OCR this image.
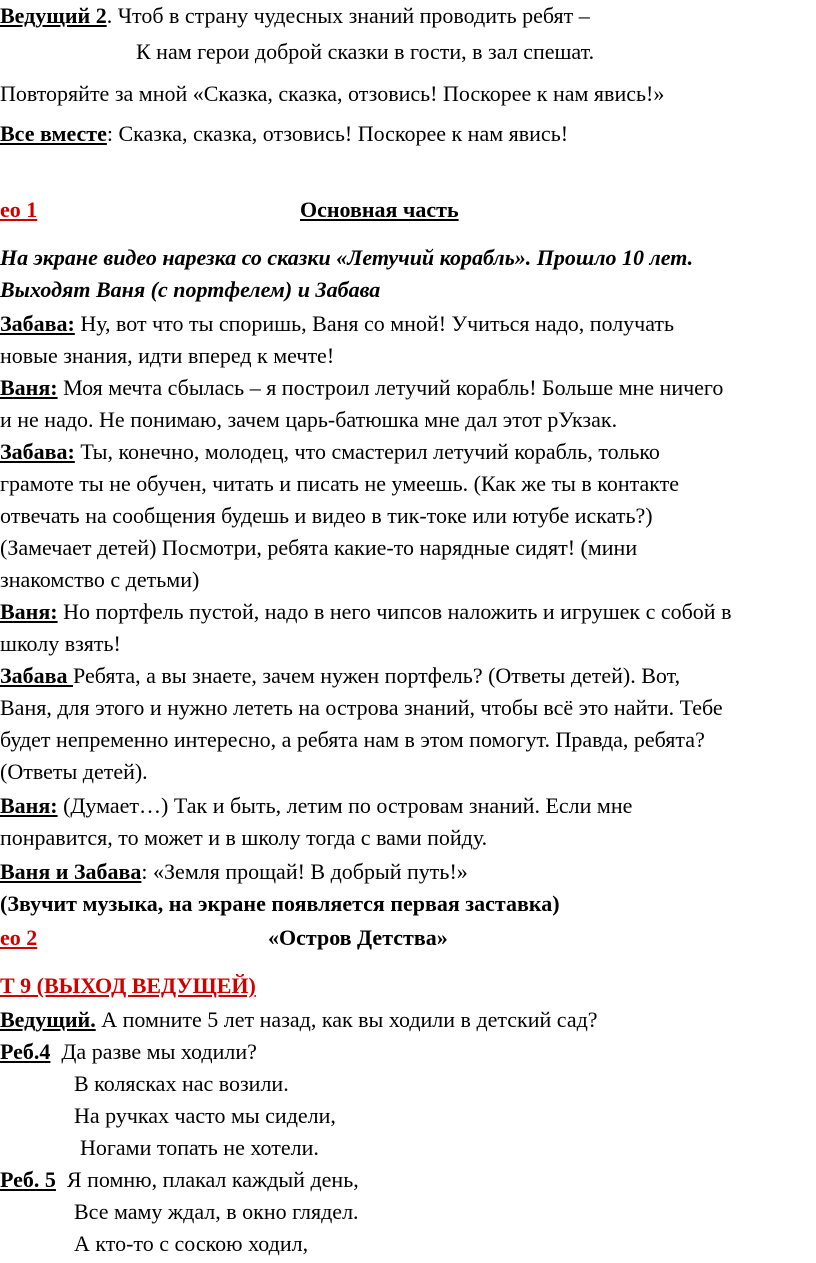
Ведущий 2. Чтоб в страну чудесных знаний проводить ребят –
К нам герои доброй сказки в гости, в зал спешат.
Повторяйте за мной «Сказка, сказка, отзовись! Поскорее к нам явись!»
Все вместе: Сказка, сказка, отзовись! Поскорее к нам явись!
ео 1	Основная часть
На экране видео нарезка со сказки «Летучий корабль». Прошло 10 лет.
Выходят Ваня (с портфелем) и Забава
Забава: Ну, вот что ты споришь, Ваня со мной! Учиться надо, получать
новые знания, идти вперед к мечте!
Ваня: Моя мечта сбылась – я построил летучий корабль! Больше мне ничего
и не надо. Не понимаю, зачем царь-батюшка мне дал этот рУкзак.
Забава: Ты, конечно, молодец, что смастерил летучий корабль, только
грамоте ты не обучен, читать и писать не умеешь. (Как же ты в контакте
отвечать на сообщения будешь и видео в тик-токе или ютубе искать?)
(Замечает детей) Посмотри, ребята какие-то нарядные сидят! (мини
знакомство с детьми)
Ваня: Но портфель пустой, надо в него чипсов наложить и игрушек с собой в
школу взять!
Забава Ребята, а вы знаете, зачем нужен портфель? (Ответы детей). Вот,
Ваня, для этого и нужно лететь на острова знаний, чтобы всё это найти. Тебе
будет непременно интересно, а ребята нам в этом помогут. Правда, ребята?
(Ответы детей).
Ваня: (Думает…) Так и быть, летим по островам знаний. Если мне
понравится, то может и в школу тогда с вами пойду.
Ваня и Забава: «Земля прощай! В добрый путь!»
(Звучит музыка, на экране появляется первая заставка)
ео 2	«Остров Детства»
Т 9 (ВЫХОД ВЕДУЩЕЙ)
Ведущий. А помните 5 лет назад, как вы ходили в детский сад?
Реб.4 Да разве мы ходили?
В колясках нас возили.
На ручках часто мы сидели,
Ногами топать не хотели.
Реб. 5 Я помню, плакал каждый день,
Все маму ждал, в окно глядел.
А кто-то с соскою ходил,
